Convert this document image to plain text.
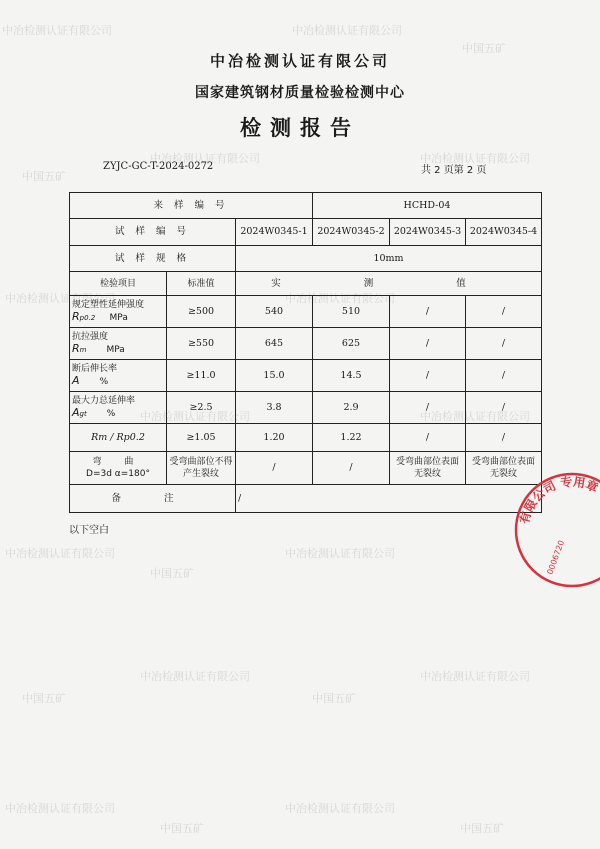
中冶检测认证有限公司	中冶检测认证有限公司
中国五矿
中冶检测认证有限公司	中冶检测认证有限公司
中国五矿
中冶检测认证有限公司	中冶检测认证有限公司
中冶检测认证有限公司	中冶检测认证有限公司
中冶检测认证有限公司	中冶检测认证有限公司
中国五矿
中冶检测认证有限公司	中冶检测认证有限公司
中国五矿	中国五矿
中冶检测认证有限公司	中冶检测认证有限公司
中国五矿	中国五矿
中冶检测认证有限公司
国家建筑钢材质量检验检测中心
检测报告
ZYJC-GC-T-2024-0272	共 2 页第 2 页
来 样 编 号			HCHD-04		
试 样 编 号		2024W0345-1	2024W0345-2	2024W0345-3	2024W0345-4
试 样 规 格		10mm			
检验项目	标准值	实 测 值			

规定塑性延伸强度
Rp0.2 MPa	≥500	540	510	/	/

抗拉强度
Rm MPa	≥550	645	625	/	/

断后伸长率
A %	≥11.0	15.0	14.5	/	/

最大力总延伸率
Agt %	≥2.5	3.8	2.9	/	/
Rm / Rp0.2	≥1.05	1.20	1.22	/	/

弯 曲
D=3d α=180°	受弯曲部位不得产生裂纹	/	/	受弯曲部位表面无裂纹	受弯曲部位表面无裂纹
备 注		/			
以下空白
有限公司 专用章
0006720
